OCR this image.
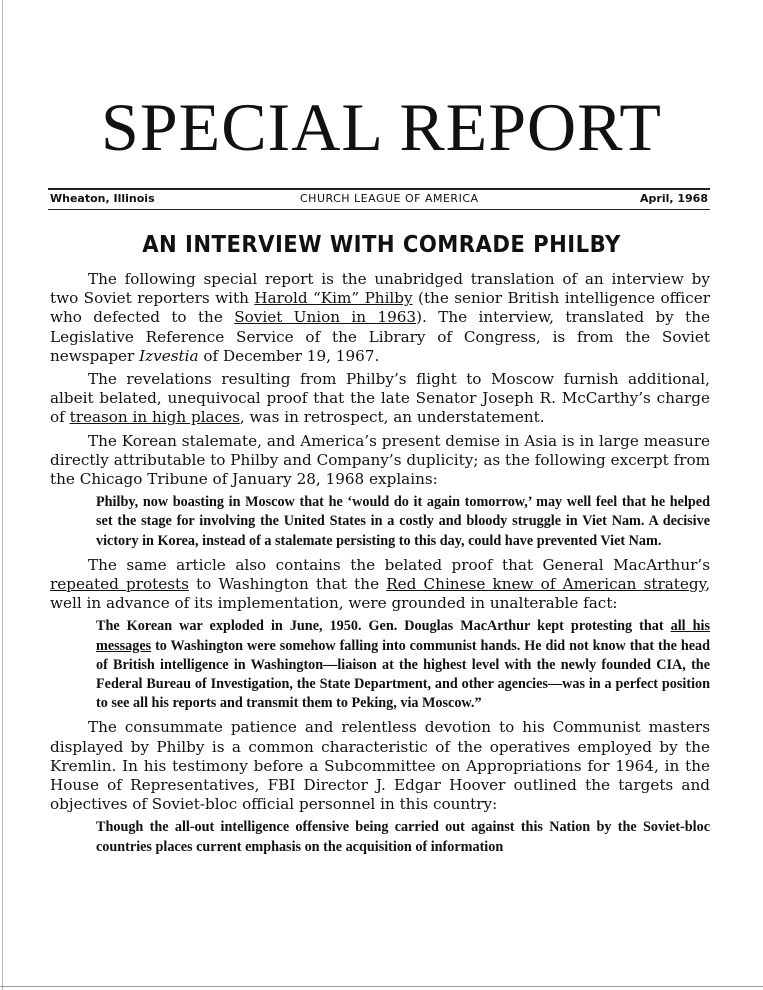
SPECIAL REPORT
Wheaton, Illinois	CHURCH LEAGUE OF AMERICA	April, 1968
AN INTERVIEW WITH COMRADE PHILBY

The following special report is the unabridged translation of an interview by two Soviet reporters with Harold “Kim” Philby (the senior British intelligence officer who defected to the Soviet Union in 1963). The interview, translated by the Legislative Reference Service of the Library of Congress, is from the Soviet newspaper Izvestia of December 19, 1967.

The revelations resulting from Philby’s flight to Moscow furnish additional, albeit belated, unequivocal proof that the late Senator Joseph R. McCarthy’s charge of treason in high places, was in retrospect, an understatement.

The Korean stalemate, and America’s present demise in Asia is in large measure directly attributable to Philby and Company’s duplicity; as the following excerpt from the Chicago Tribune of January 28, 1968 explains:

Philby, now boasting in Moscow that he ‘would do it again tomorrow,’ may well feel that he helped set the stage for involving the United States in a costly and bloody struggle in Viet Nam. A decisive victory in Korea, instead of a stalemate persisting to this day, could have prevented Viet Nam.

The same article also contains the belated proof that General MacArthur’s repeated protests to Washington that the Red Chinese knew of American strategy, well in advance of its implementation, were grounded in unalterable fact:

The Korean war exploded in June, 1950. Gen. Douglas MacArthur kept protesting that all his messages to Washington were somehow falling into communist hands. He did not know that the head of British intelligence in Washington—liaison at the highest level with the newly founded CIA, the Federal Bureau of Investigation, the State Department, and other agencies—was in a perfect position to see all his reports and transmit them to Peking, via Moscow.”

The consummate patience and relentless devotion to his Communist masters displayed by Philby is a common characteristic of the operatives employed by the Kremlin. In his testimony before a Subcommittee on Appropriations for 1964, in the House of Representatives, FBI Director J. Edgar Hoover outlined the targets and objectives of Soviet-bloc official personnel in this country:

Though the all-out intelligence offensive being carried out against this Nation by the Soviet-bloc countries places current emphasis on the acquisition of information
